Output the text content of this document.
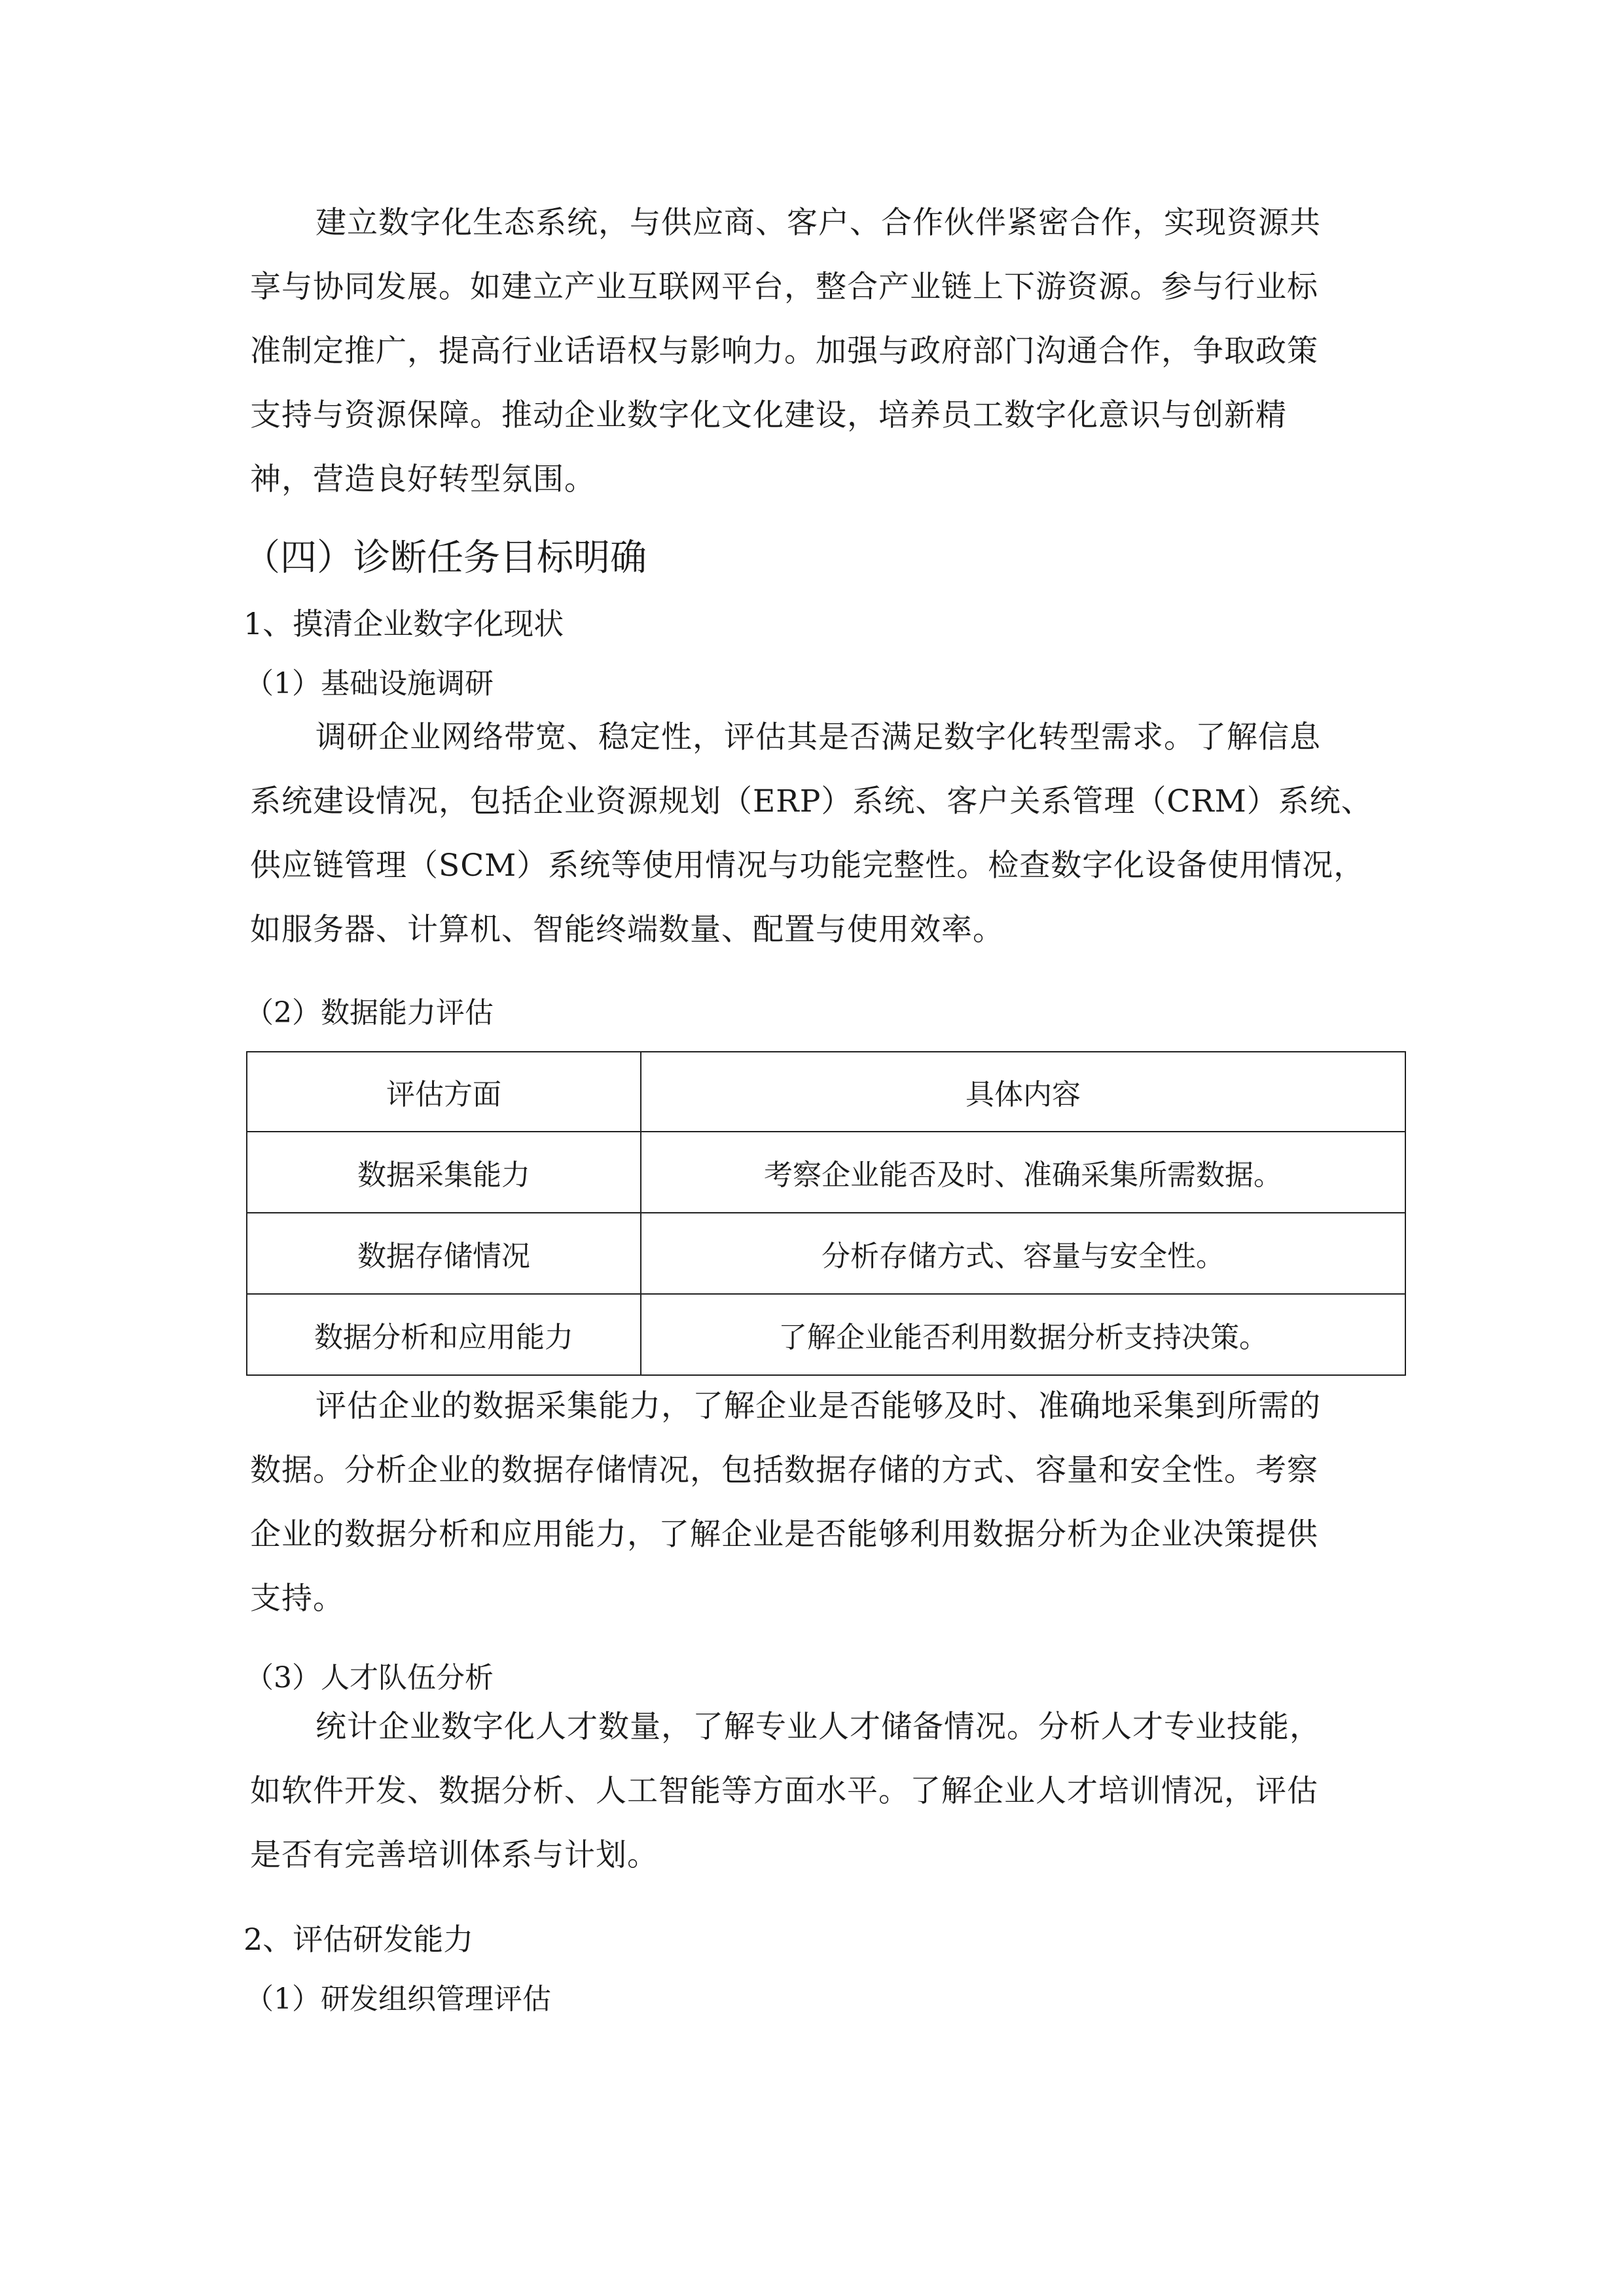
建立数字化生态系统，与供应商、客户、合作伙伴紧密合作，实现资源共
享与协同发展。如建立产业互联网平台，整合产业链上下游资源。参与行业标
准制定推广，提高行业话语权与影响力。加强与政府部门沟通合作，争取政策
支持与资源保障。推动企业数字化文化建设，培养员工数字化意识与创新精
神，营造良好转型氛围。
（四）诊断任务目标明确
1、摸清企业数字化现状
（1）基础设施调研
调研企业网络带宽、稳定性，评估其是否满足数字化转型需求。了解信息
系统建设情况，包括企业资源规划（ERP）系统、客户关系管理（CRM）系统、
供应链管理（SCM）系统等使用情况与功能完整性。检查数字化设备使用情况，
如服务器、计算机、智能终端数量、配置与使用效率。
（2）数据能力评估
评估方面	具体内容
数据采集能力	考察企业能否及时、准确采集所需数据。
数据存储情况	分析存储方式、容量与安全性。
数据分析和应用能力	了解企业能否利用数据分析支持决策。
评估企业的数据采集能力，了解企业是否能够及时、准确地采集到所需的
数据。分析企业的数据存储情况，包括数据存储的方式、容量和安全性。考察
企业的数据分析和应用能力，了解企业是否能够利用数据分析为企业决策提供
支持。
（3）人才队伍分析
统计企业数字化人才数量，了解专业人才储备情况。分析人才专业技能，
如软件开发、数据分析、人工智能等方面水平。了解企业人才培训情况，评估
是否有完善培训体系与计划。
2、评估研发能力
（1）研发组织管理评估
